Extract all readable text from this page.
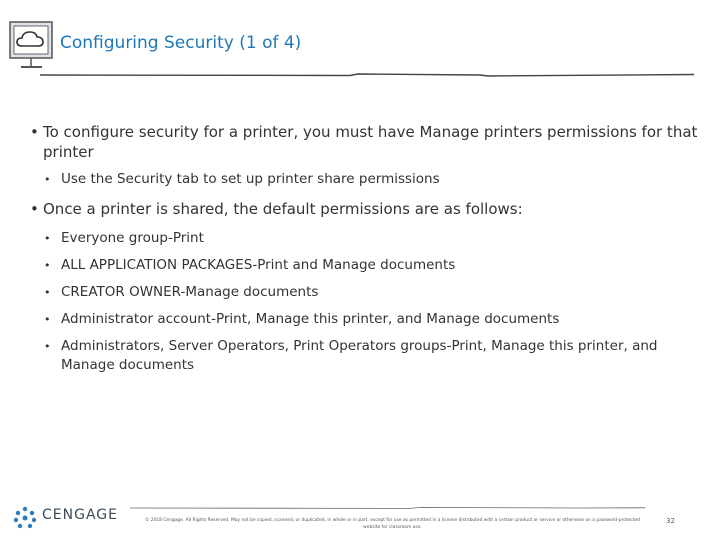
Configuring Security (1 of 4)
• To configure security for a printer, you must have Manage printers permissions for that printer
• Use the Security tab to set up printer share permissions
• Once a printer is shared, the default permissions are as follows:
• Everyone group-Print
• ALL APPLICATION PACKAGES-Print and Manage documents
• CREATOR OWNER-Manage documents
• Administrator account-Print, Manage this printer, and Manage documents
• Administrators, Server Operators, Print Operators groups-Print, Manage this printer, and Manage documents
CENGAGE	© 2018 Cengage. All Rights Reserved. May not be copied, scanned, or duplicated, in whole or in part, except for use as permitted in a license distributed with a certain product or service or otherwise on a password-protected website for classroom use.
32
